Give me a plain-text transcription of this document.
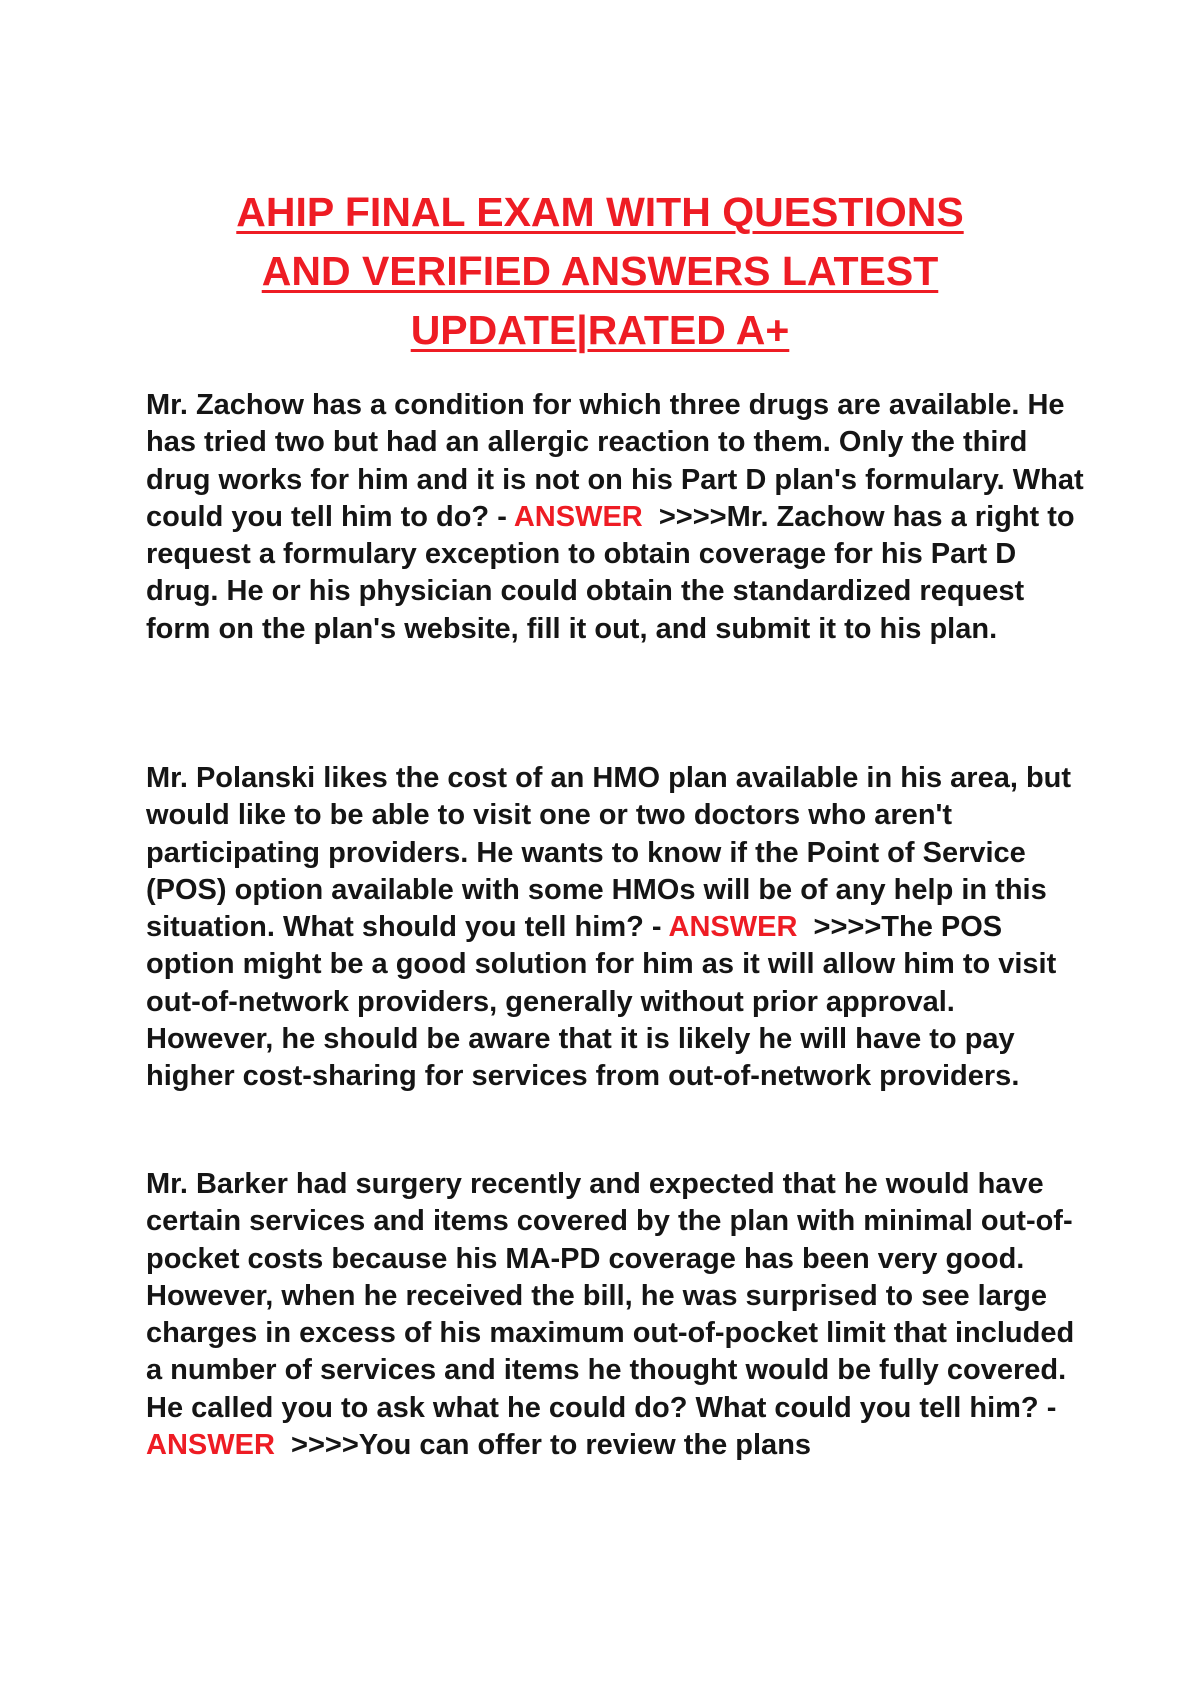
AHIP FINAL EXAM WITH QUESTIONS
AND VERIFIED ANSWERS LATEST
UPDATE|RATED A+
Mr. Zachow has a condition for which three drugs are available. He has tried two but had an allergic reaction to them. Only the third drug works for him and it is not on his Part D plan's formulary. What could you tell him to do? - ANSWER >>>>Mr. Zachow has a right to request a formulary exception to obtain coverage for his Part D drug. He or his physician could obtain the standardized request form on the plan's website, fill it out, and submit it to his plan.
Mr. Polanski likes the cost of an HMO plan available in his area, but would like to be able to visit one or two doctors who aren't participating providers. He wants to know if the Point of Service (POS) option available with some HMOs will be of any help in this situation. What should you tell him? - ANSWER >>>>The POS option might be a good solution for him as it will allow him to visit out-of-network providers, generally without prior approval. However, he should be aware that it is likely he will have to pay higher cost-sharing for services from out-of-network providers.
Mr. Barker had surgery recently and expected that he would have certain services and items covered by the plan with minimal out-of-pocket costs because his MA-PD coverage has been very good. However, when he received the bill, he was surprised to see large charges in excess of his maximum out-of-pocket limit that included a number of services and items he thought would be fully covered. He called you to ask what he could do? What could you tell him? - ANSWER >>>>You can offer to review the plans
